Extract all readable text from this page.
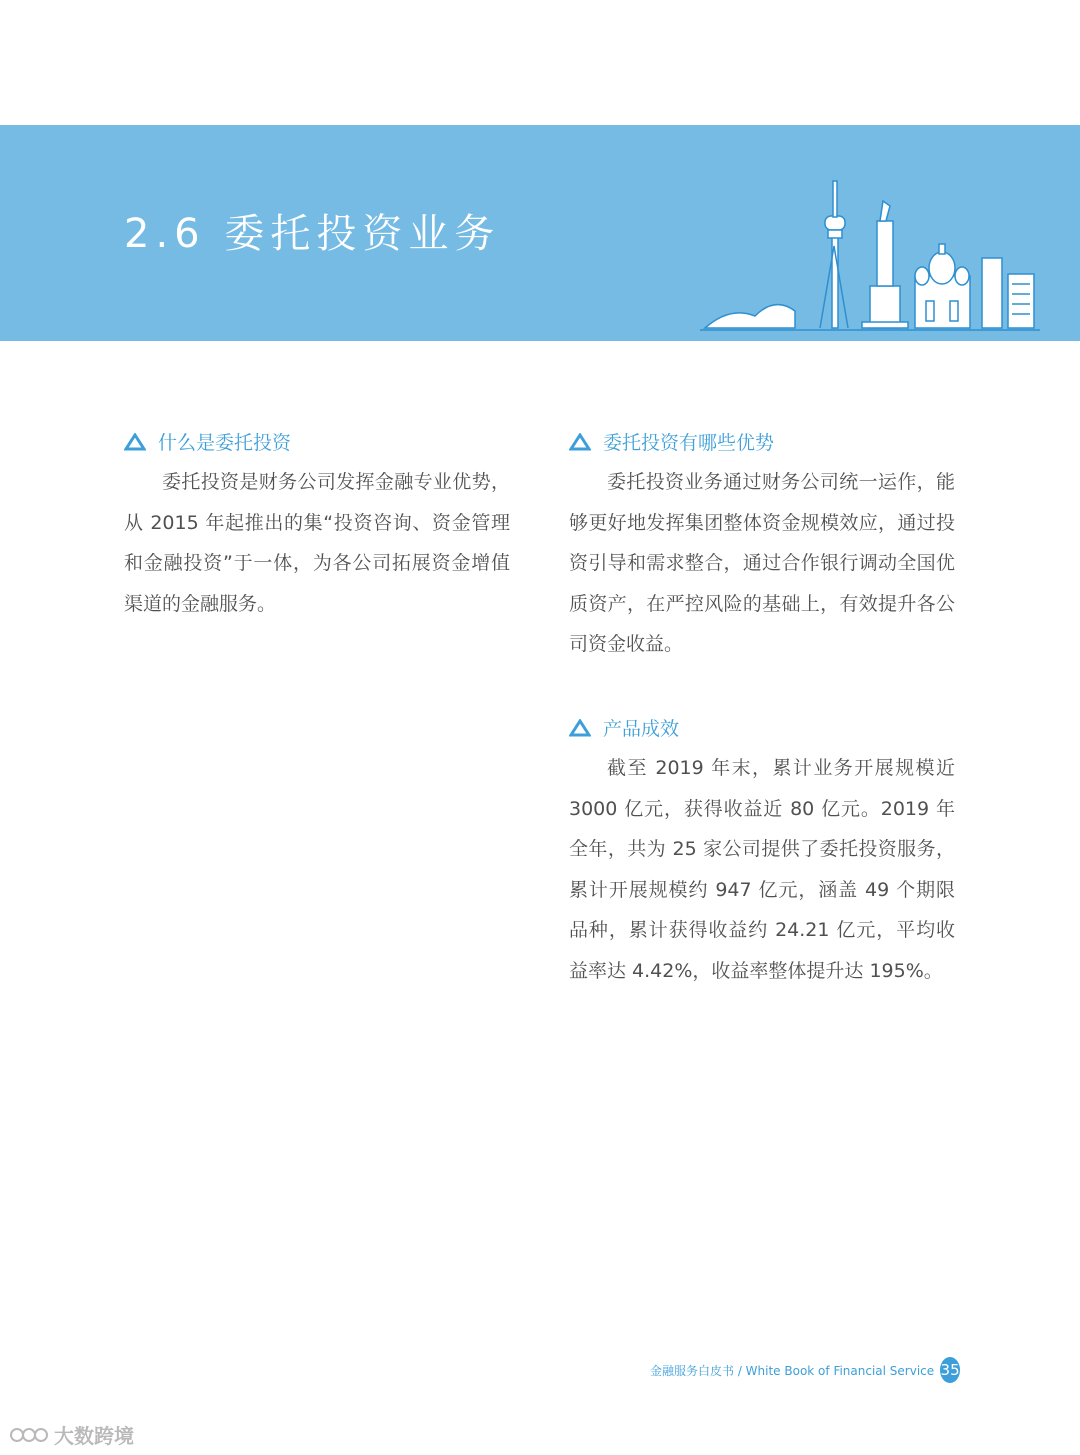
2.6 委托投资业务
什么是委托投资

委托投资是财务公司发挥金融专业优势，从 2015 年起推出的集“投资咨询、资金管理和金融投资”于一体，为各公司拓展资金增值渠道的金融服务。

委托投资有哪些优势

委托投资业务通过财务公司统一运作，能够更好地发挥集团整体资金规模效应，通过投资引导和需求整合，通过合作银行调动全国优质资产，在严控风险的基础上，有效提升各公司资金收益。

产品成效

截至 2019 年末，累计业务开展规模近 3000 亿元，获得收益近 80 亿元。2019 年全年，共为 25 家公司提供了委托投资服务，累计开展规模约 947 亿元，涵盖 49 个期限品种，累计获得收益约 24.21 亿元，平均收益率达 4.42%，收益率整体提升达 195%。

金融服务白皮书 / White Book of Financial Service 35
大数跨境
